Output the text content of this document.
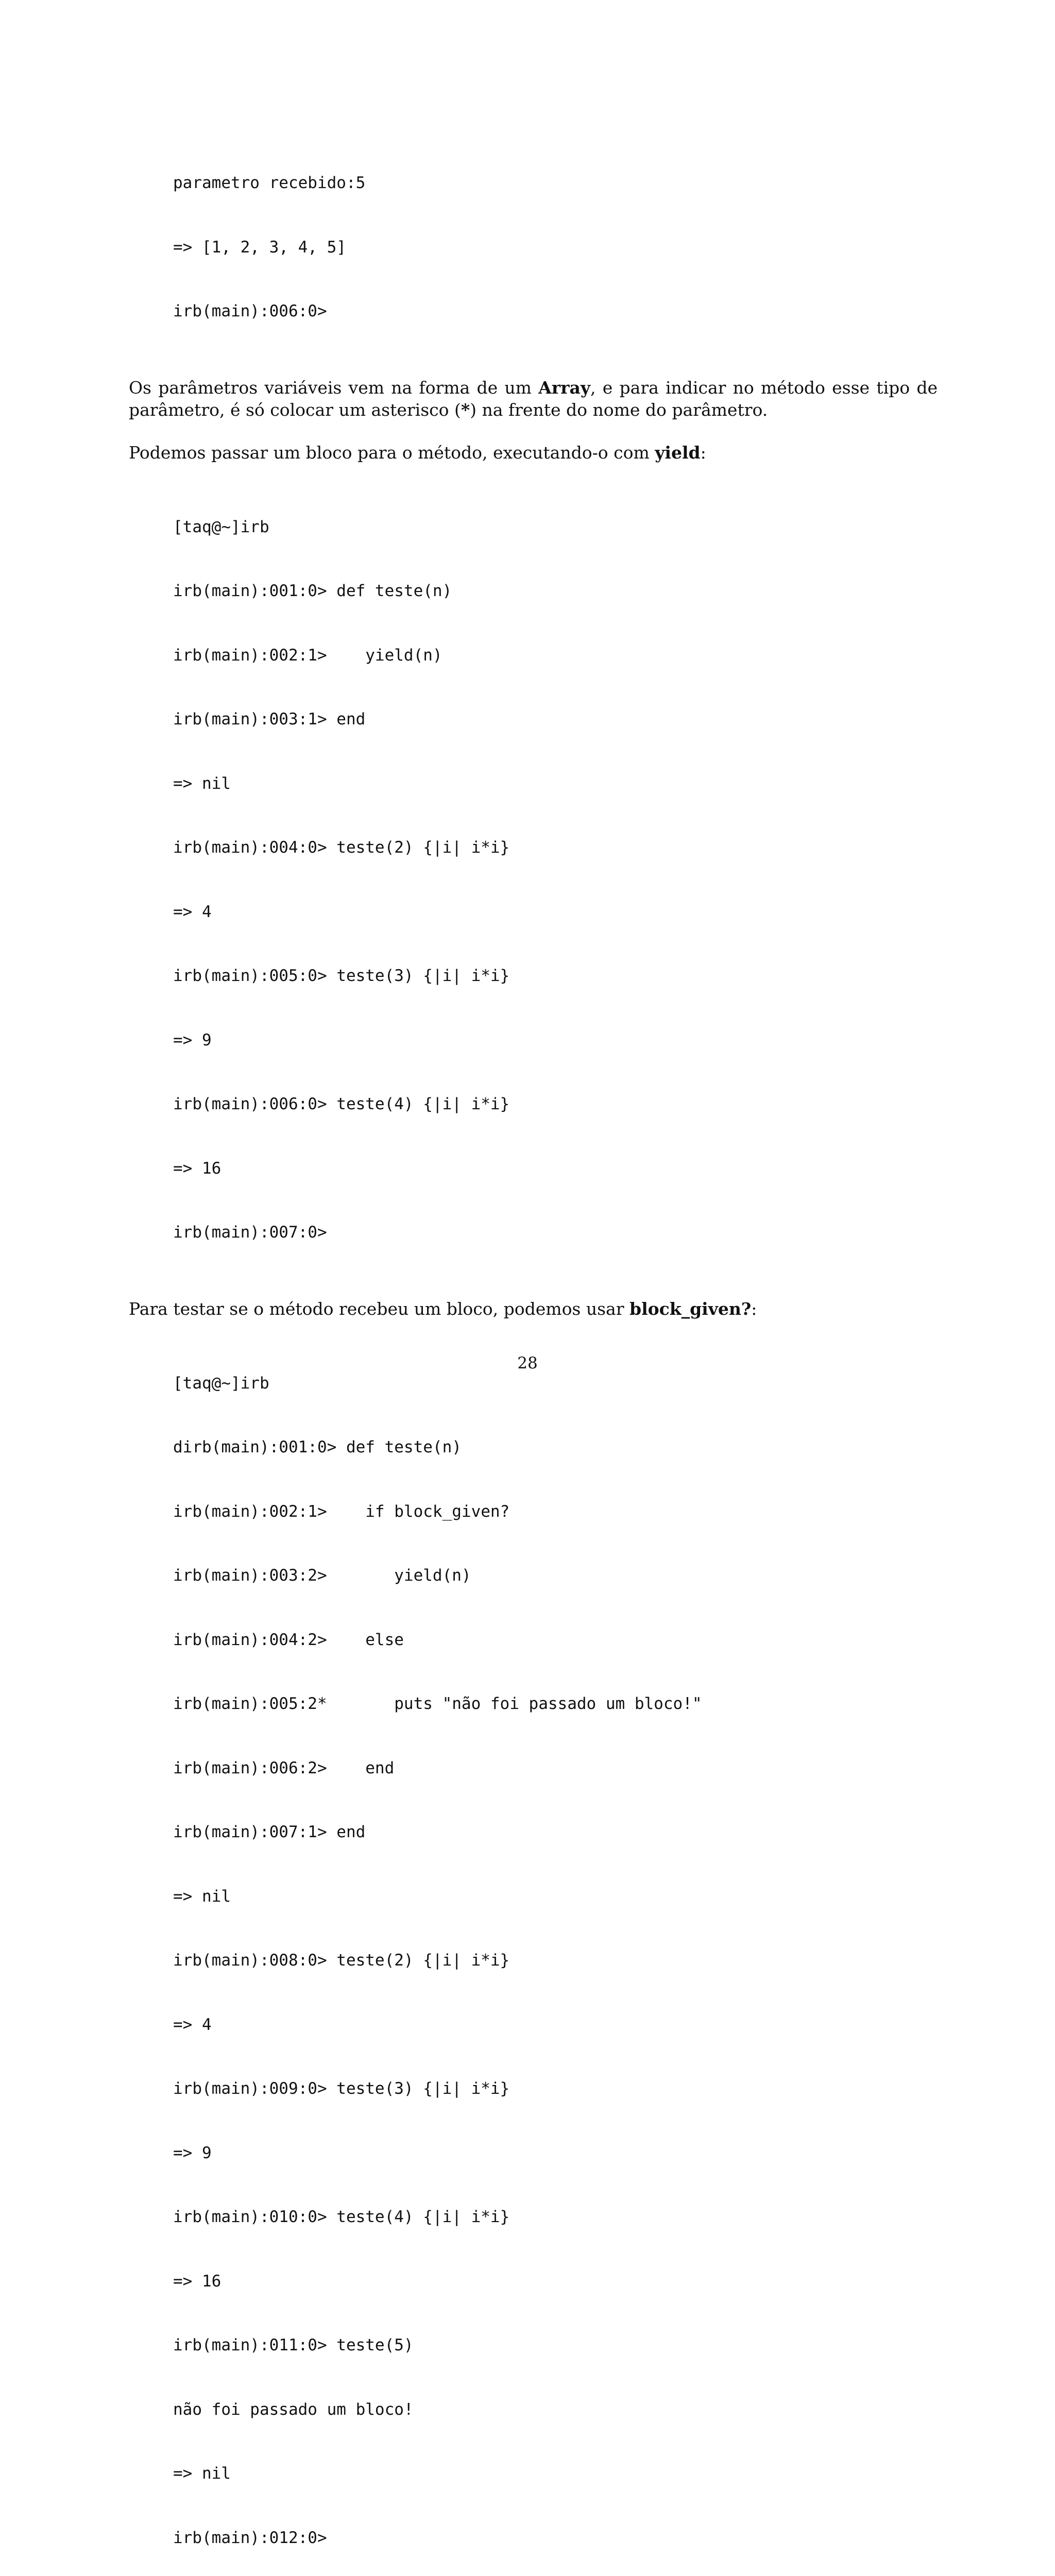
parametro recebido:5

=> [1, 2, 3, 4, 5]

irb(main):006:0>

Os parâmetros variáveis vem na forma de um Array, e para indicar no método esse tipo de parâmetro, é só colocar um asterisco (*) na frente do nome do parâmetro.

Podemos passar um bloco para o método, executando-o com yield:

[taq@~]irb

irb(main):001:0> def teste(n)

irb(main):002:1>    yield(n)

irb(main):003:1> end

=> nil

irb(main):004:0> teste(2) {|i| i*i}

=> 4

irb(main):005:0> teste(3) {|i| i*i}

=> 9

irb(main):006:0> teste(4) {|i| i*i}

=> 16

irb(main):007:0>

Para testar se o método recebeu um bloco, podemos usar block_given?:

[taq@~]irb

dirb(main):001:0> def teste(n)

irb(main):002:1>    if block_given?

irb(main):003:2>       yield(n)

irb(main):004:2>    else

irb(main):005:2*       puts "não foi passado um bloco!"

irb(main):006:2>    end

irb(main):007:1> end

=> nil

irb(main):008:0> teste(2) {|i| i*i}

=> 4

irb(main):009:0> teste(3) {|i| i*i}

=> 9

irb(main):010:0> teste(4) {|i| i*i}

=> 16

irb(main):011:0> teste(5)

não foi passado um bloco!

=> nil

irb(main):012:0>

28
